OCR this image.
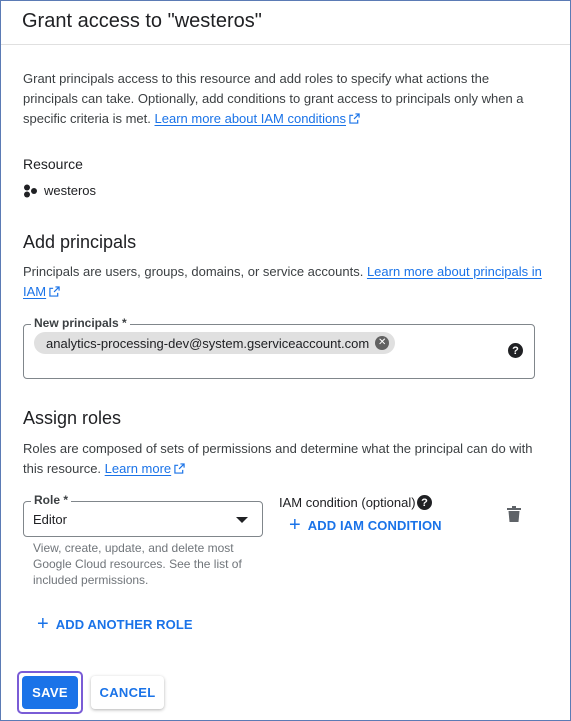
Grant access to "westeros"
Grant principals access to this resource and add roles to specify what actions the principals can take. Optionally, add conditions to grant access to principals only when a specific criteria is met. Learn more about IAM conditions
Resource
westeros
Add principals
Principals are users, groups, domains, or service accounts. Learn more about principals in IAM
New principals *
analytics-processing-dev@system.gserviceaccount.com ✕
?
Assign roles
Roles are composed of sets of permissions and determine what the principal can do with this resource. Learn more
Role *
Editor
View, create, update, and delete most Google Cloud resources. See the list of included permissions.
IAM condition (optional) ?
+ ADD IAM CONDITION
+ ADD ANOTHER ROLE
SAVE	CANCEL
